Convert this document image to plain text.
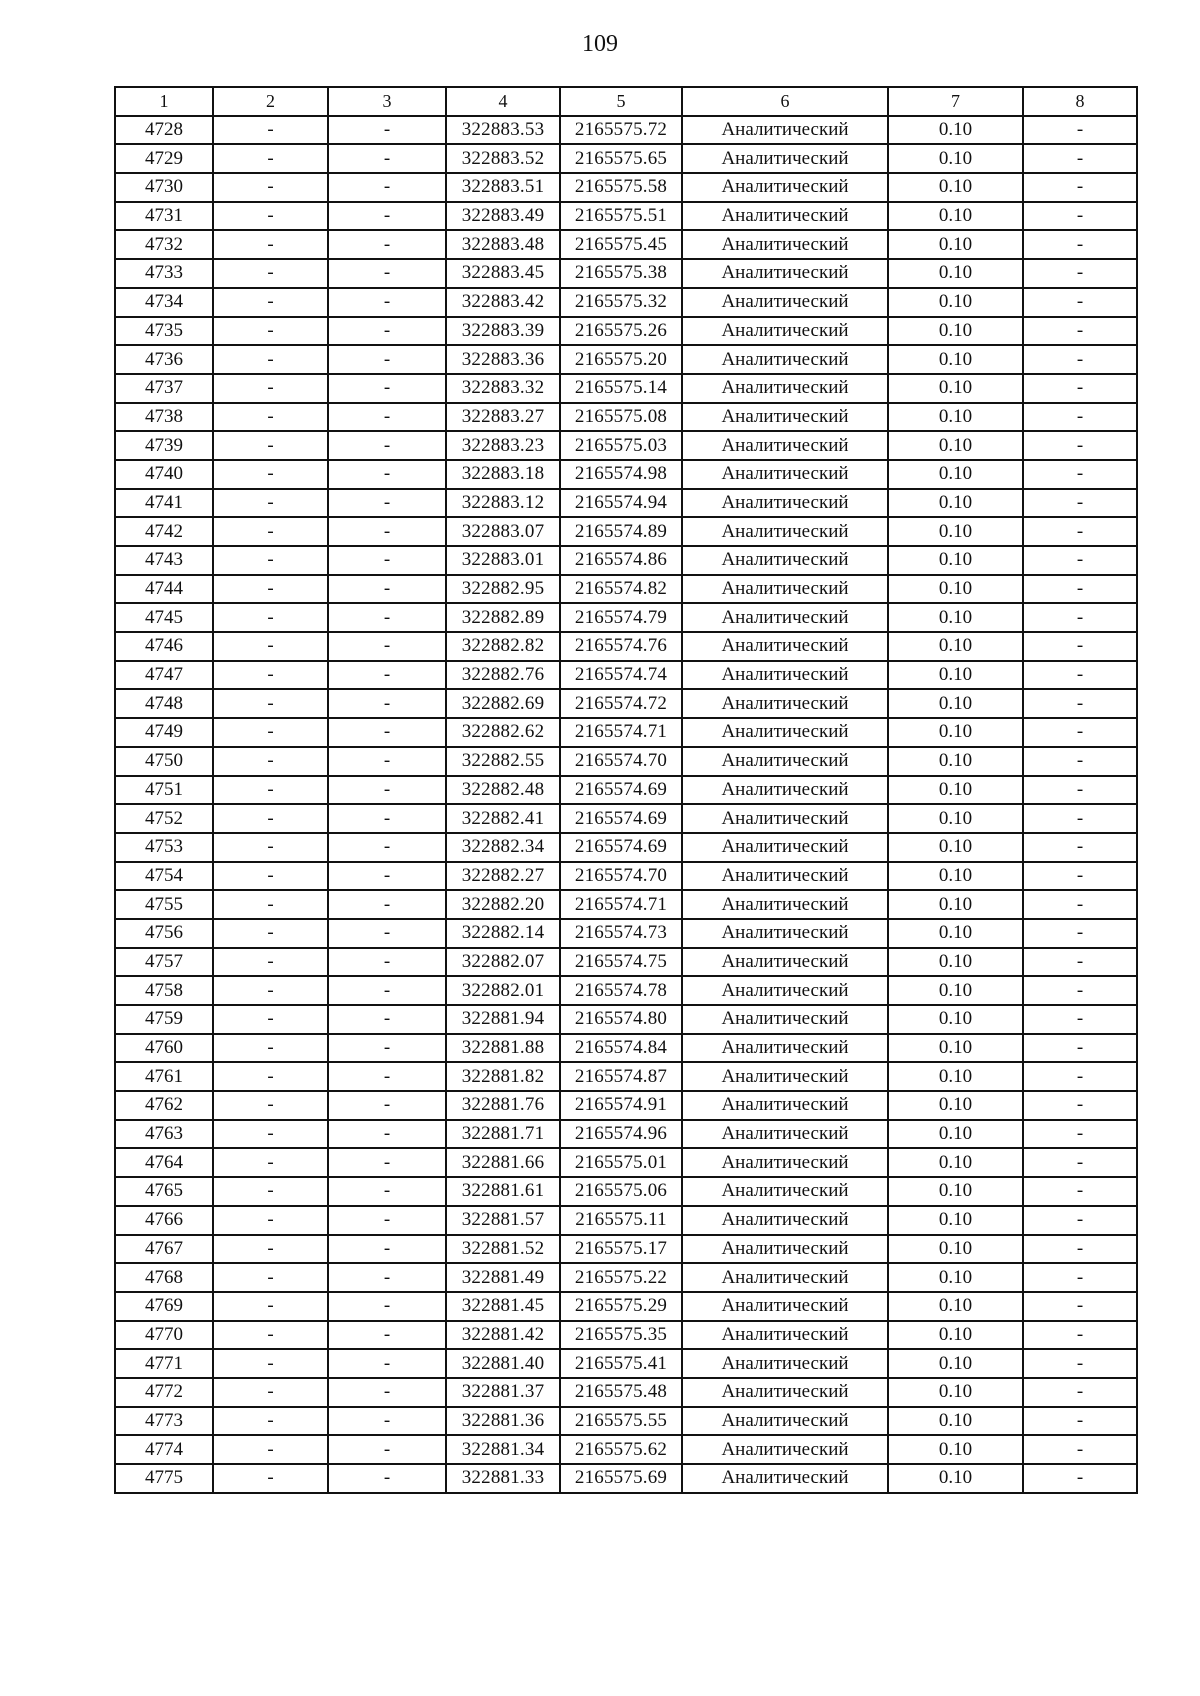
109
1	2	3	4	5	6	7	8
4728	-	-	322883.53	2165575.72	Аналитический	0.10	-
4729	-	-	322883.52	2165575.65	Аналитический	0.10	-
4730	-	-	322883.51	2165575.58	Аналитический	0.10	-
4731	-	-	322883.49	2165575.51	Аналитический	0.10	-
4732	-	-	322883.48	2165575.45	Аналитический	0.10	-
4733	-	-	322883.45	2165575.38	Аналитический	0.10	-
4734	-	-	322883.42	2165575.32	Аналитический	0.10	-
4735	-	-	322883.39	2165575.26	Аналитический	0.10	-
4736	-	-	322883.36	2165575.20	Аналитический	0.10	-
4737	-	-	322883.32	2165575.14	Аналитический	0.10	-
4738	-	-	322883.27	2165575.08	Аналитический	0.10	-
4739	-	-	322883.23	2165575.03	Аналитический	0.10	-
4740	-	-	322883.18	2165574.98	Аналитический	0.10	-
4741	-	-	322883.12	2165574.94	Аналитический	0.10	-
4742	-	-	322883.07	2165574.89	Аналитический	0.10	-
4743	-	-	322883.01	2165574.86	Аналитический	0.10	-
4744	-	-	322882.95	2165574.82	Аналитический	0.10	-
4745	-	-	322882.89	2165574.79	Аналитический	0.10	-
4746	-	-	322882.82	2165574.76	Аналитический	0.10	-
4747	-	-	322882.76	2165574.74	Аналитический	0.10	-
4748	-	-	322882.69	2165574.72	Аналитический	0.10	-
4749	-	-	322882.62	2165574.71	Аналитический	0.10	-
4750	-	-	322882.55	2165574.70	Аналитический	0.10	-
4751	-	-	322882.48	2165574.69	Аналитический	0.10	-
4752	-	-	322882.41	2165574.69	Аналитический	0.10	-
4753	-	-	322882.34	2165574.69	Аналитический	0.10	-
4754	-	-	322882.27	2165574.70	Аналитический	0.10	-
4755	-	-	322882.20	2165574.71	Аналитический	0.10	-
4756	-	-	322882.14	2165574.73	Аналитический	0.10	-
4757	-	-	322882.07	2165574.75	Аналитический	0.10	-
4758	-	-	322882.01	2165574.78	Аналитический	0.10	-
4759	-	-	322881.94	2165574.80	Аналитический	0.10	-
4760	-	-	322881.88	2165574.84	Аналитический	0.10	-
4761	-	-	322881.82	2165574.87	Аналитический	0.10	-
4762	-	-	322881.76	2165574.91	Аналитический	0.10	-
4763	-	-	322881.71	2165574.96	Аналитический	0.10	-
4764	-	-	322881.66	2165575.01	Аналитический	0.10	-
4765	-	-	322881.61	2165575.06	Аналитический	0.10	-
4766	-	-	322881.57	2165575.11	Аналитический	0.10	-
4767	-	-	322881.52	2165575.17	Аналитический	0.10	-
4768	-	-	322881.49	2165575.22	Аналитический	0.10	-
4769	-	-	322881.45	2165575.29	Аналитический	0.10	-
4770	-	-	322881.42	2165575.35	Аналитический	0.10	-
4771	-	-	322881.40	2165575.41	Аналитический	0.10	-
4772	-	-	322881.37	2165575.48	Аналитический	0.10	-
4773	-	-	322881.36	2165575.55	Аналитический	0.10	-
4774	-	-	322881.34	2165575.62	Аналитический	0.10	-
4775	-	-	322881.33	2165575.69	Аналитический	0.10	-
